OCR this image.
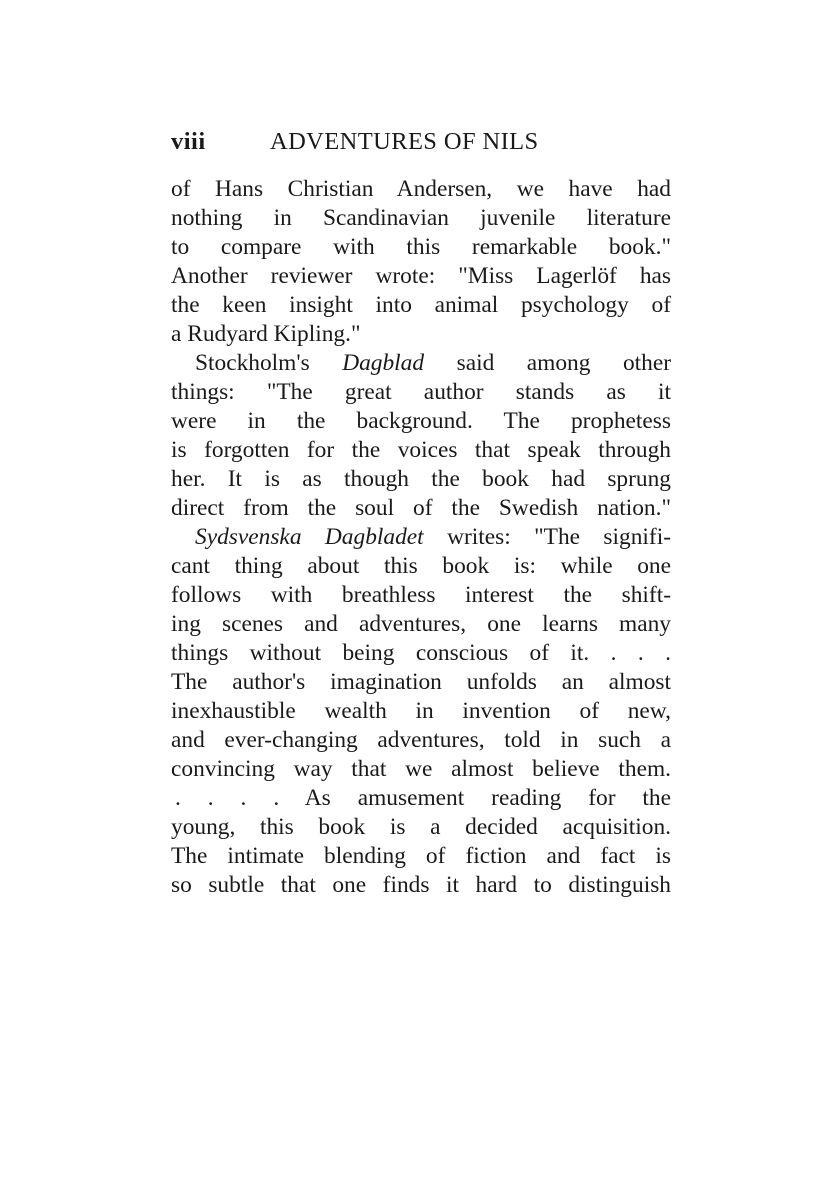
viii	ADVENTURES OF NILS
of Hans Christian Andersen, we have had
nothing in Scandinavian juvenile literature
to compare with this remarkable book."
Another reviewer wrote: "Miss Lagerlöf has
the keen insight into animal psychology of
a Rudyard Kipling."
Stockholm's Dagblad said among other
things: "The great author stands as it
were in the background. The prophetess
is forgotten for the voices that speak through
her. It is as though the book had sprung
direct from the soul of the Swedish nation."
Sydsvenska Dagbladet writes: "The signifi-
cant thing about this book is: while one
follows with breathless interest the shift-
ing scenes and adventures, one learns many
things without being conscious of it. . . .
The author's imagination unfolds an almost
inexhaustible wealth in invention of new,
and ever-changing adventures, told in such a
convincing way that we almost believe them.
. . . . As amusement reading for the
young, this book is a decided acquisition.
The intimate blending of fiction and fact is
so subtle that one finds it hard to distinguish
